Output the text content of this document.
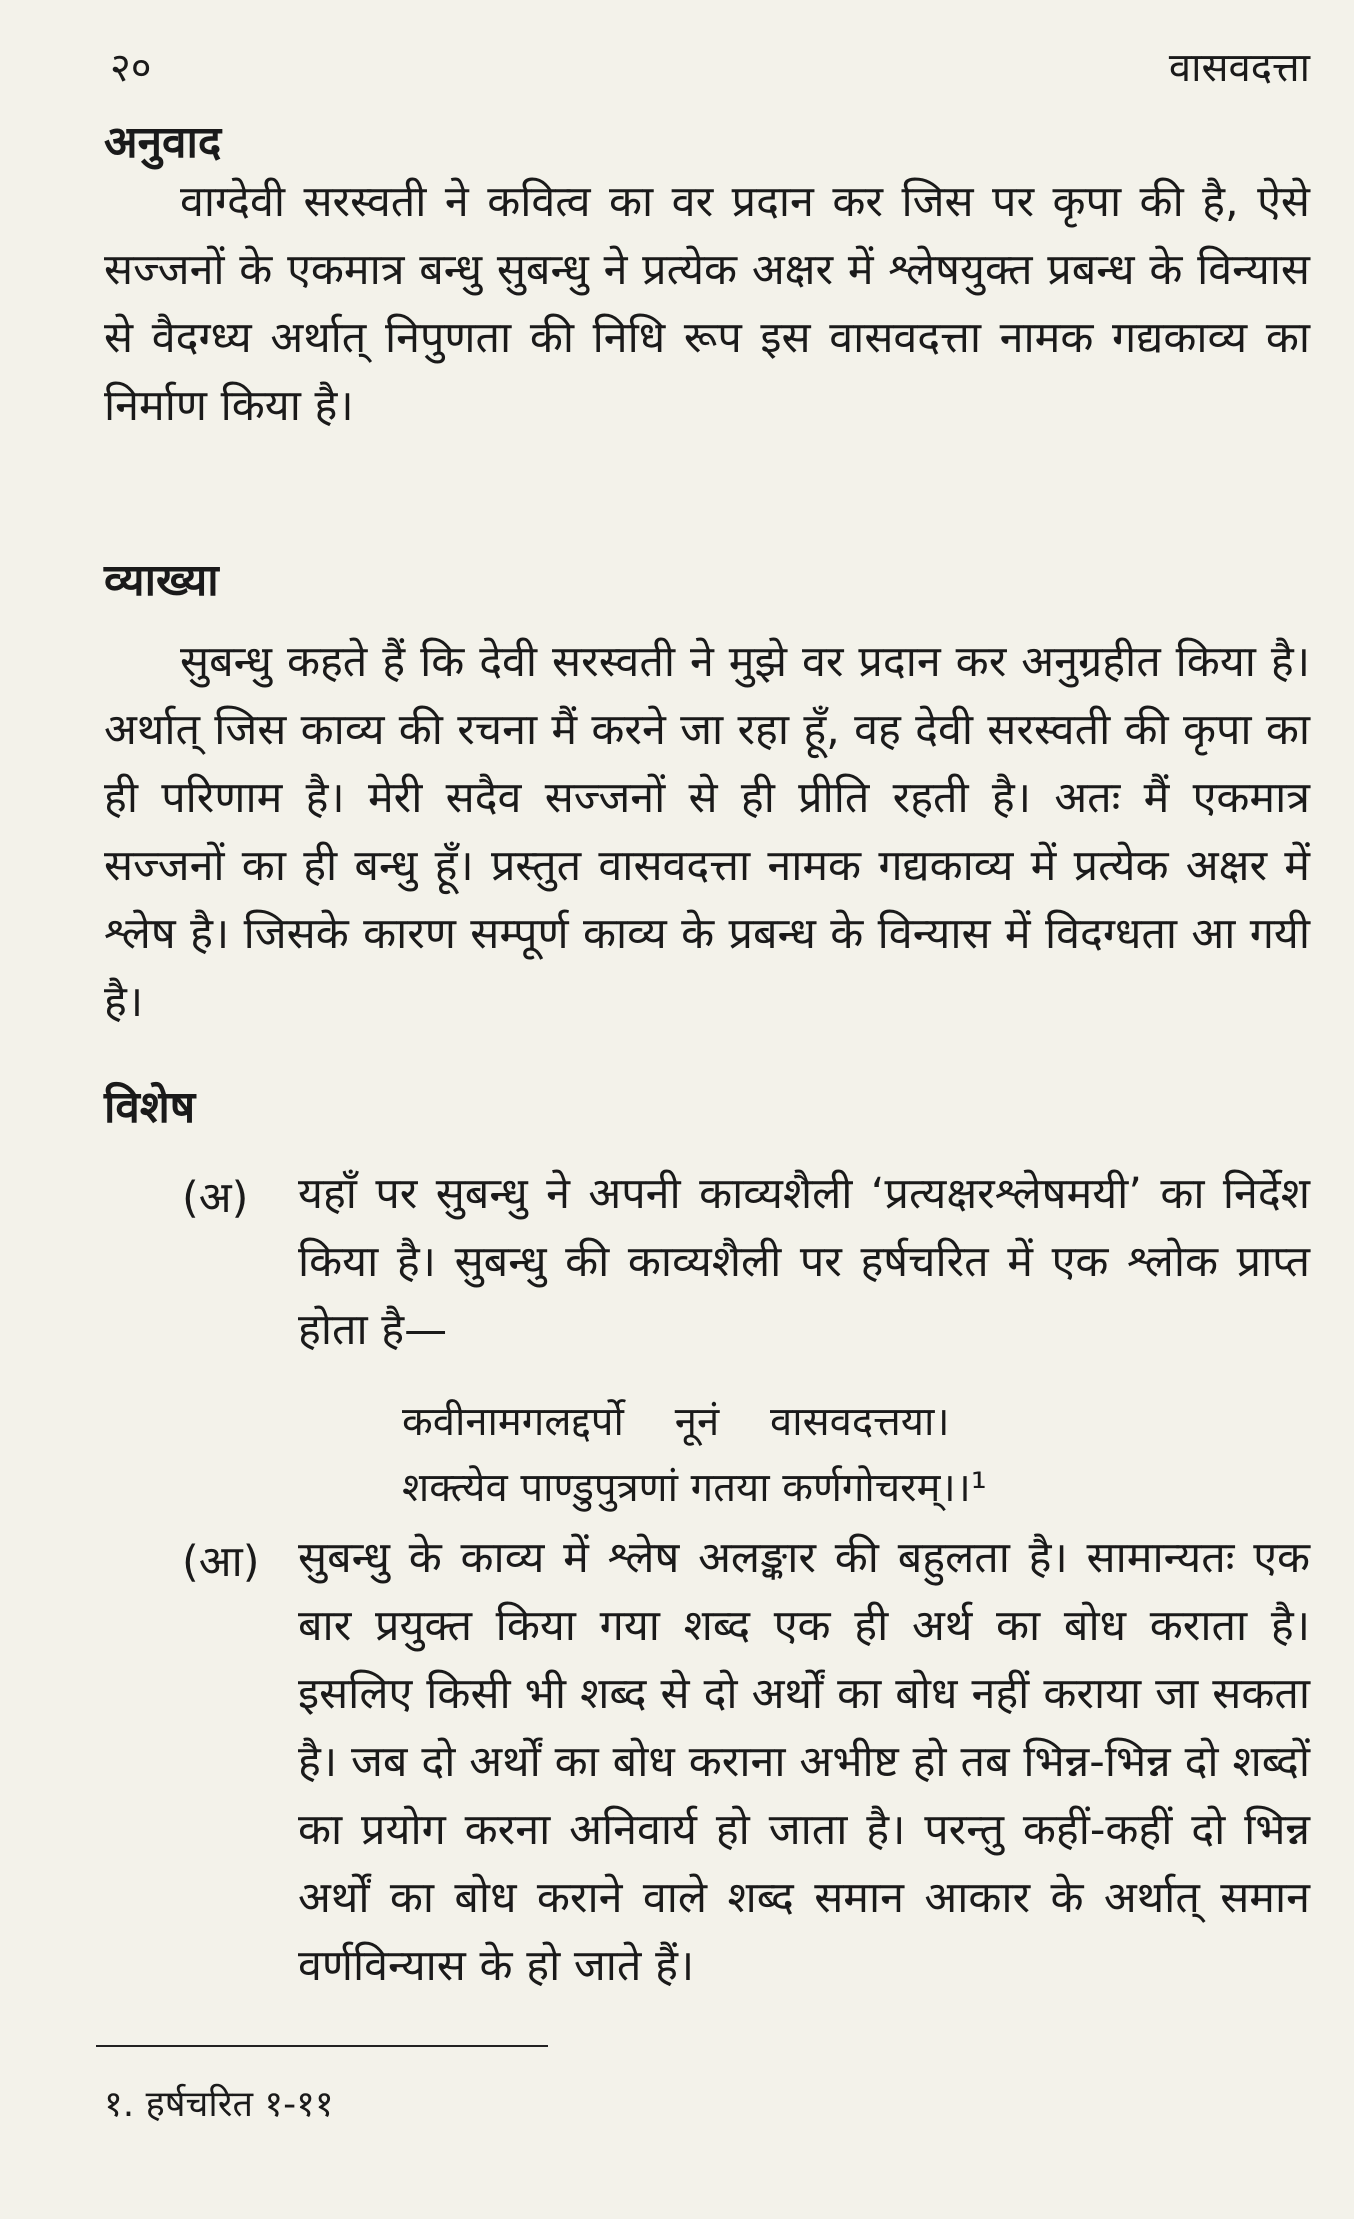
२०	वासवदत्ता
अनुवाद
वाग्देवी सरस्वती ने कवित्व का वर प्रदान कर जिस पर कृपा की है, ऐसे सज्जनों के एकमात्र बन्धु सुबन्धु ने प्रत्येक अक्षर में श्लेषयुक्त प्रबन्ध के विन्यास से वैदग्ध्य अर्थात् निपुणता की निधि रूप इस वासवदत्ता नामक गद्यकाव्य का निर्माण किया है।
व्याख्या
सुबन्धु कहते हैं कि देवी सरस्वती ने मुझे वर प्रदान कर अनुग्रहीत किया है। अर्थात् जिस काव्य की रचना मैं करने जा रहा हूँ, वह देवी सरस्वती की कृपा का ही परिणाम है। मेरी सदैव सज्जनों से ही प्रीति रहती है। अतः मैं एकमात्र सज्जनों का ही बन्धु हूँ। प्रस्तुत वासवदत्ता नामक गद्यकाव्य में प्रत्येक अक्षर में श्लेष है। जिसके कारण सम्पूर्ण काव्य के प्रबन्ध के विन्यास में विदग्धता आ गयी है।
विशेष
(अ) यहाँ पर सुबन्धु ने अपनी काव्यशैली ‘प्रत्यक्षरश्लेषमयी’ का निर्देश किया है। सुबन्धु की काव्यशैली पर हर्षचरित में एक श्लोक प्राप्त होता है—
कवीनामगलद्दर्पो    नूनं    वासवदत्तया।
शक्त्येव पाण्डुपुत्रणां गतया कर्णगोचरम्।।¹
(आ) सुबन्धु के काव्य में श्लेष अलङ्कार की बहुलता है। सामान्यतः एक बार प्रयुक्त किया गया शब्द एक ही अर्थ का बोध कराता है। इसलिए किसी भी शब्द से दो अर्थों का बोध नहीं कराया जा सकता है। जब दो अर्थों का बोध कराना अभीष्ट हो तब भिन्न-भिन्न दो शब्दों का प्रयोग करना अनिवार्य हो जाता है। परन्तु कहीं-कहीं दो भिन्न अर्थों का बोध कराने वाले शब्द समान आकार के अर्थात् समान वर्णविन्यास के हो जाते हैं।
१. हर्षचरित १-११
